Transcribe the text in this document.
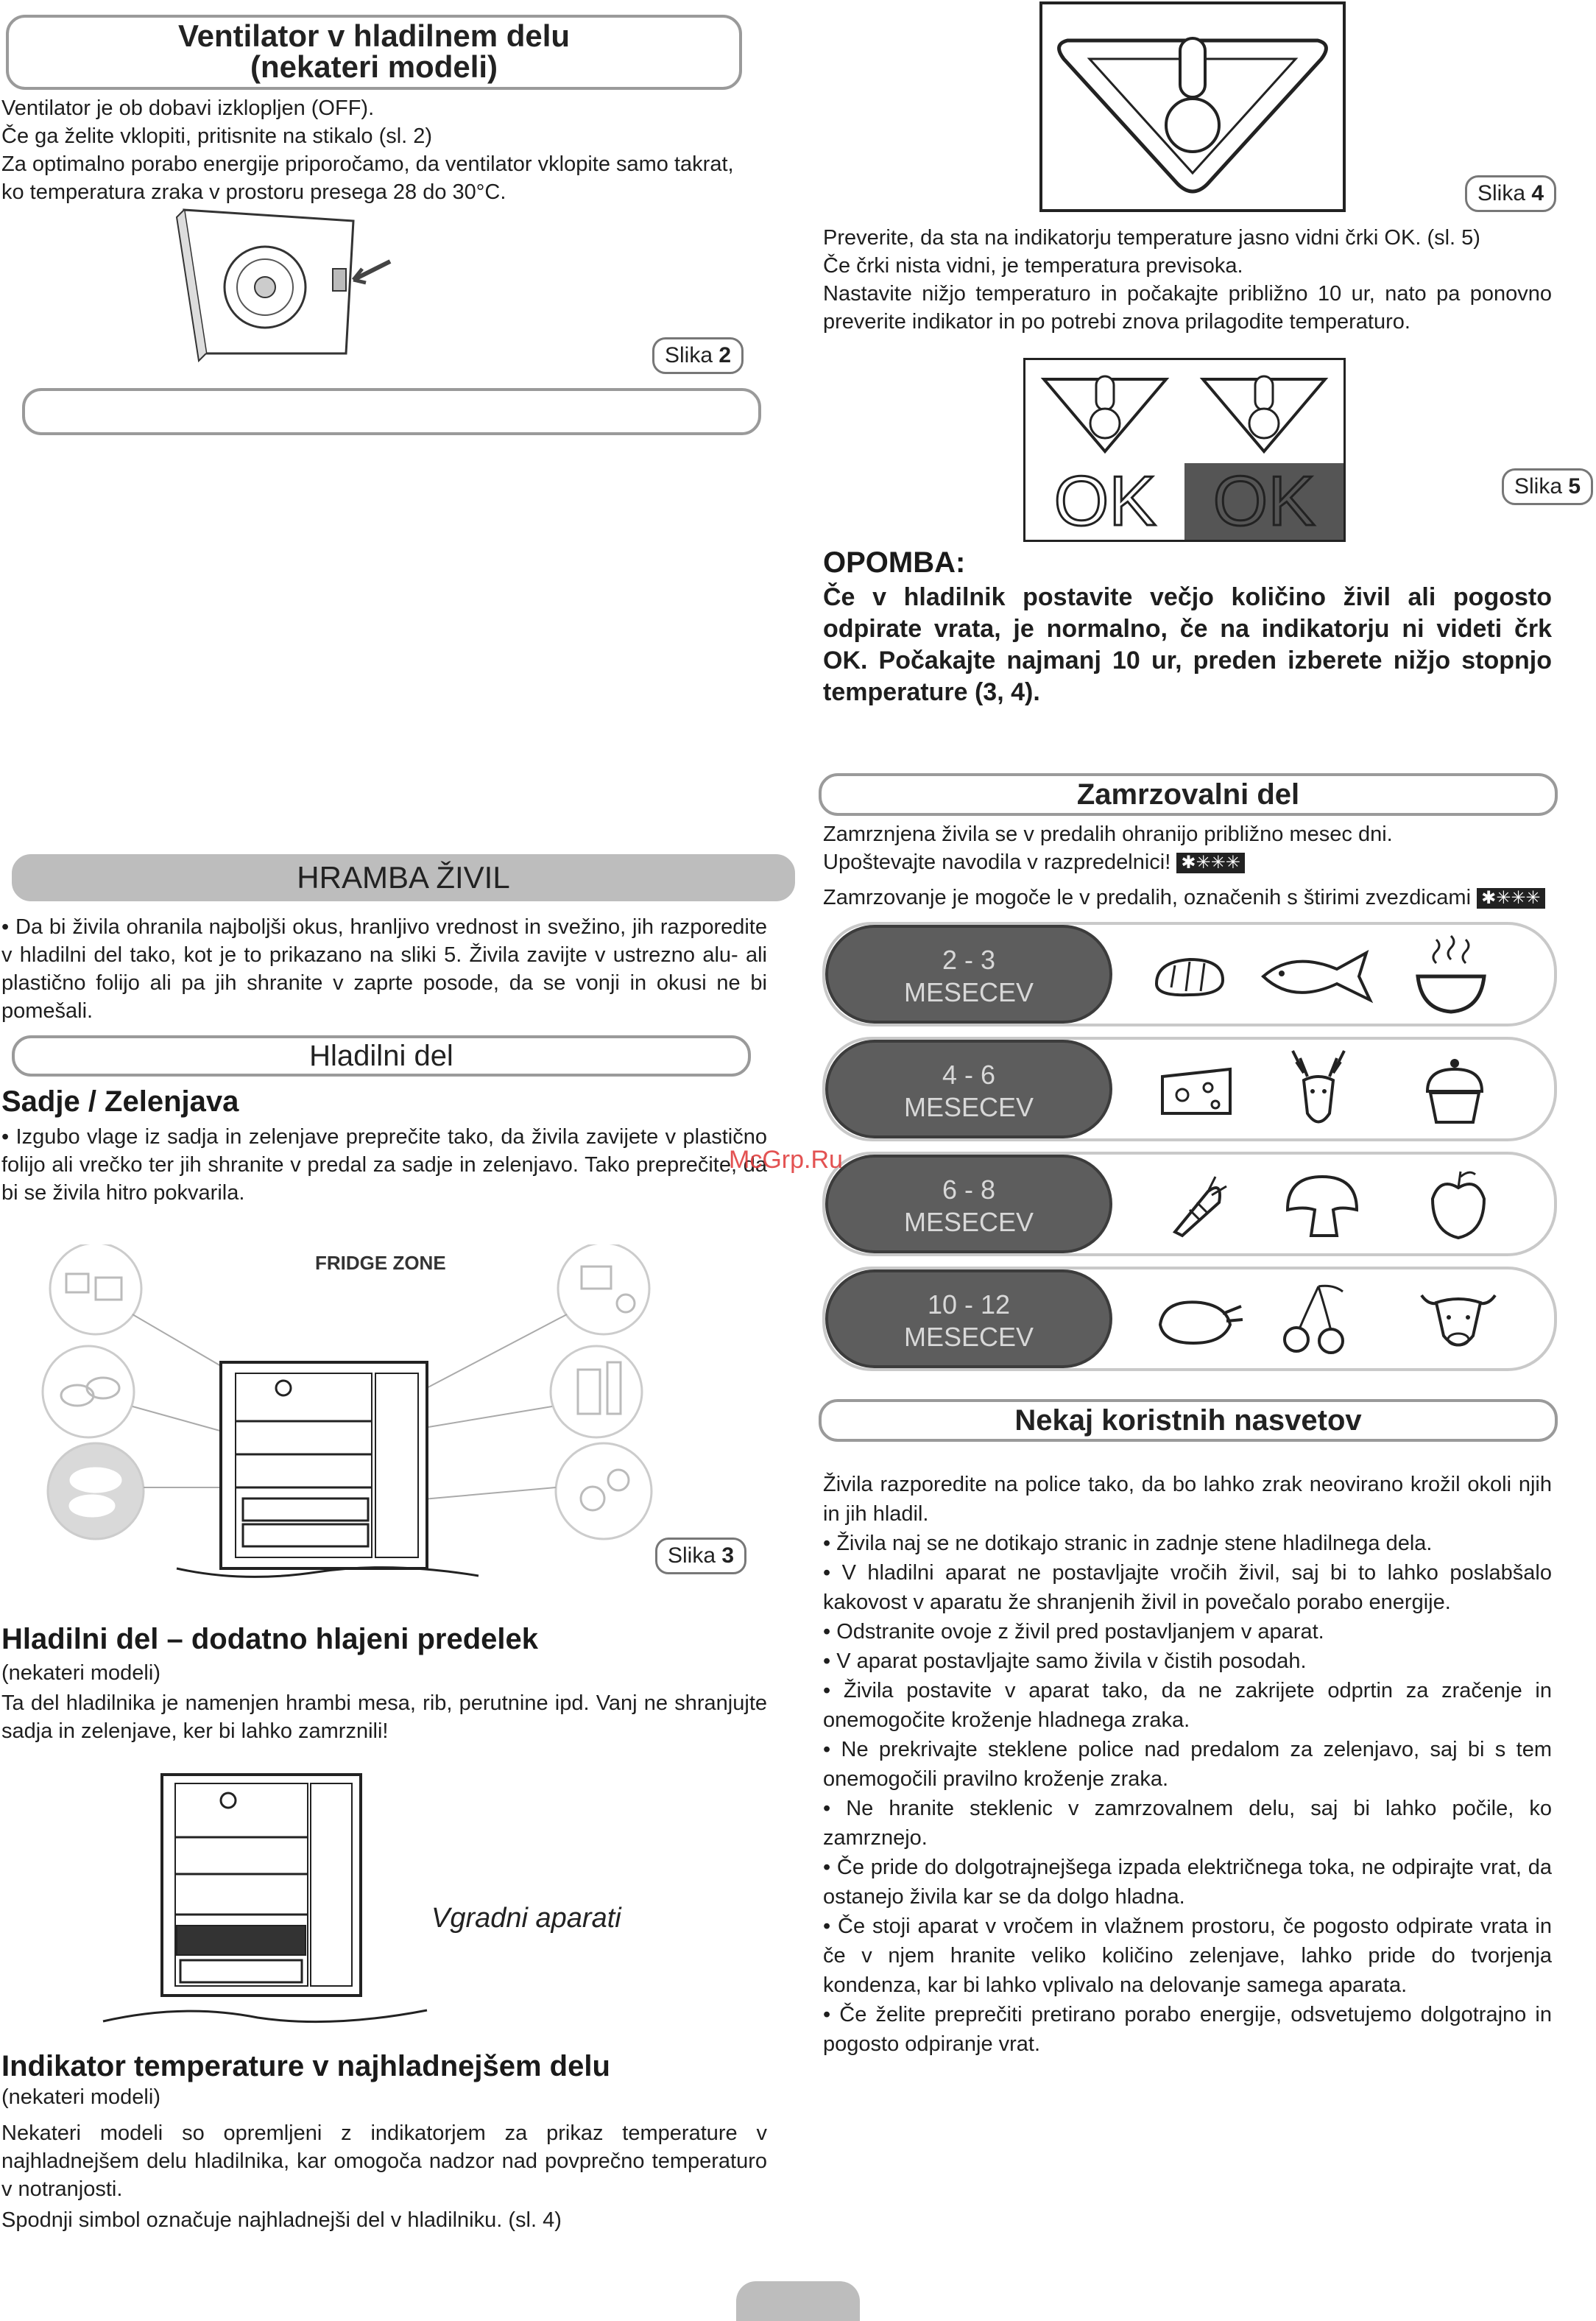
Ventilator v hladilnem delu
(nekateri modeli)

Ventilator je ob dobavi izklopljen (OFF).

Če ga želite vklopiti, pritisnite na stikalo (sl. 2)

Za optimalno porabo energije priporočamo, da ventilator vklopite samo takrat, ko temperatura zraka v prostoru presega 28 do 30°C.

Slika 2
HRAMBA ŽIVIL
• Da bi živila ohranila najboljši okus, hranljivo vrednost in svežino, jih razporedite v hladilni del tako, kot je to prikazano na sliki 5. Živila zavijte v ustrezno alu- ali plastično folijo ali pa jih shranite v zaprte posode, da se vonji in okusi ne bi pomešali.
Hladilni del
Sadje / Zelenjava
• Izgubo vlage iz sadja in zelenjave preprečite tako, da živila zavijete v plastično folijo ali vrečko ter jih shranite v predal za sadje in zelenjavo. Tako preprečite, da bi se živila hitro pokvarila.
FRIDGE ZONE
Slika 3
Hladilni del – dodatno hlajeni predelek
(nekateri modeli)
Ta del hladilnika je namenjen hrambi mesa, rib, perutnine ipd. Vanj ne shranjujte sadja in zelenjave, ker bi lahko zamrznili!
Vgradni aparati
Indikator temperature v najhladnejšem delu
(nekateri modeli)
Nekateri modeli so opremljeni z indikatorjem za prikaz temperature v najhladnejšem delu hladilnika, kar omogoča nadzor nad povprečno temperaturo v notranjosti.
Spodnji simbol označuje najhladnejši del v hladilniku. (sl. 4)
Slika 4

Preverite, da sta na indikatorju temperature jasno vidni črki OK. (sl. 5)

Če črki nista vidni, je temperatura previsoka.

Nastavite nižjo temperaturo in počakajte približno 10 ur, nato pa ponovno preverite indikator in po potrebi znova prilagodite temperaturo.

OK OK	Slika 5
OPOMBA:
Če v hladilnik postavite večjo količino živil ali pogosto odpirate vrata, je normalno, če na indikatorju ni videti črk OK. Počakajte najmanj 10 ur, preden izberete nižjo stopnjo temperature (3, 4).
Zamrzovalni del
Zamrznjena živila se v predalih ohranijo približno mesec dni.
Upoštevajte navodila v razpredelnici! ✱✳✳✳
Zamrzovanje je mogoče le v predalih, označenih s štirimi zvezdicami ✱✳✳✳
2 - 3
MESECEV
4 - 6
MESECEV
6 - 8
MESECEV
10 - 12
MESECEV
Nekaj koristnih nasvetov

Živila razporedite na police tako, da bo lahko zrak neovirano krožil okoli njih in jih hladil.

• Živila naj se ne dotikajo stranic in zadnje stene hladilnega dela.

• V hladilni aparat ne postavljajte vročih živil, saj bi to lahko poslabšalo kakovost v aparatu že shranjenih živil in povečalo porabo energije.

• Odstranite ovoje z živil pred postavljanjem v aparat.

• V aparat postavljajte samo živila v čistih posodah.

• Živila postavite v aparat tako, da ne zakrijete odprtin za zračenje in onemogočite kroženje hladnega zraka.

• Ne prekrivajte steklene police nad predalom za zelenjavo, saj bi s tem onemogočili pravilno kroženje zraka.

• Ne hranite steklenic v zamrzovalnem delu, saj bi lahko počile, ko zamrznejo.

• Če pride do dolgotrajnejšega izpada električnega toka, ne odpirajte vrat, da ostanejo živila kar se da dolgo hladna.

• Če stoji aparat v vročem in vlažnem prostoru, če pogosto odpirate vrata in če v njem hranite veliko količino zelenjave, lahko pride do tvorjenja kondenza, kar bi lahko vplivalo na delovanje samega aparata.

• Če želite preprečiti pretirano porabo energije, odsvetujemo dolgotrajno in pogosto odpiranje vrat.

McGrp.Ru
